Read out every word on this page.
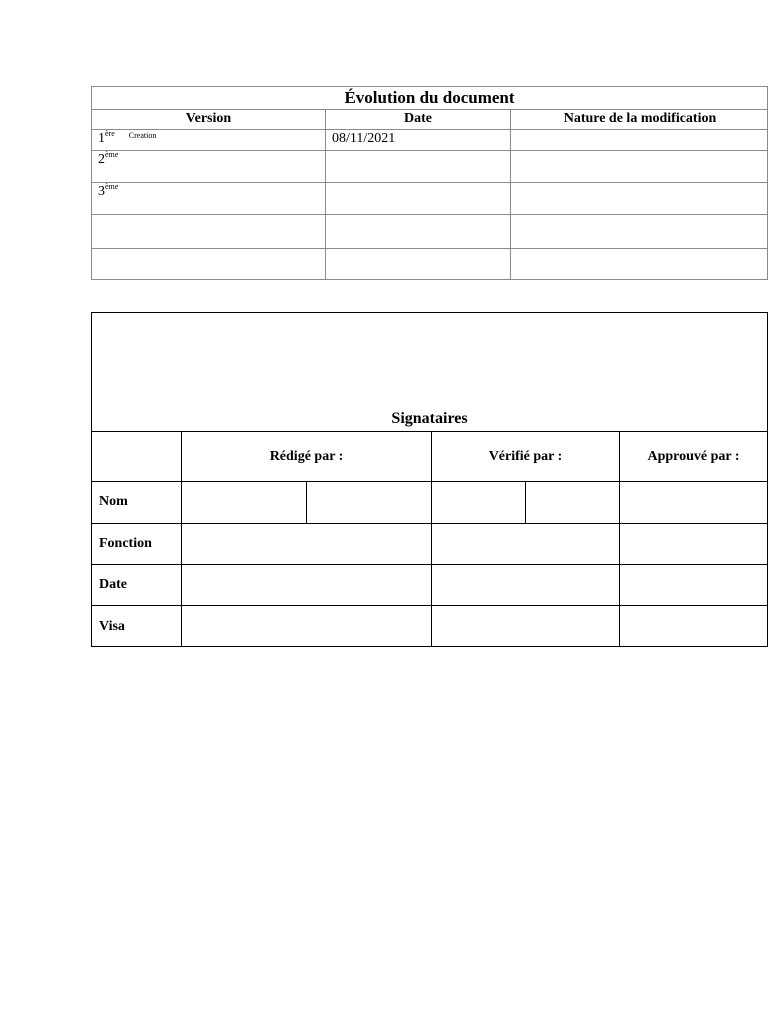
Évolution du document
Version	Date	Nature de la modification
1ère $^{Creation}$	08/11/2021
2ème
3ème
Signataires
Rédigé par :	Vérifié par :	Approuvé par :
Nom
Fonction
Date
Visa
